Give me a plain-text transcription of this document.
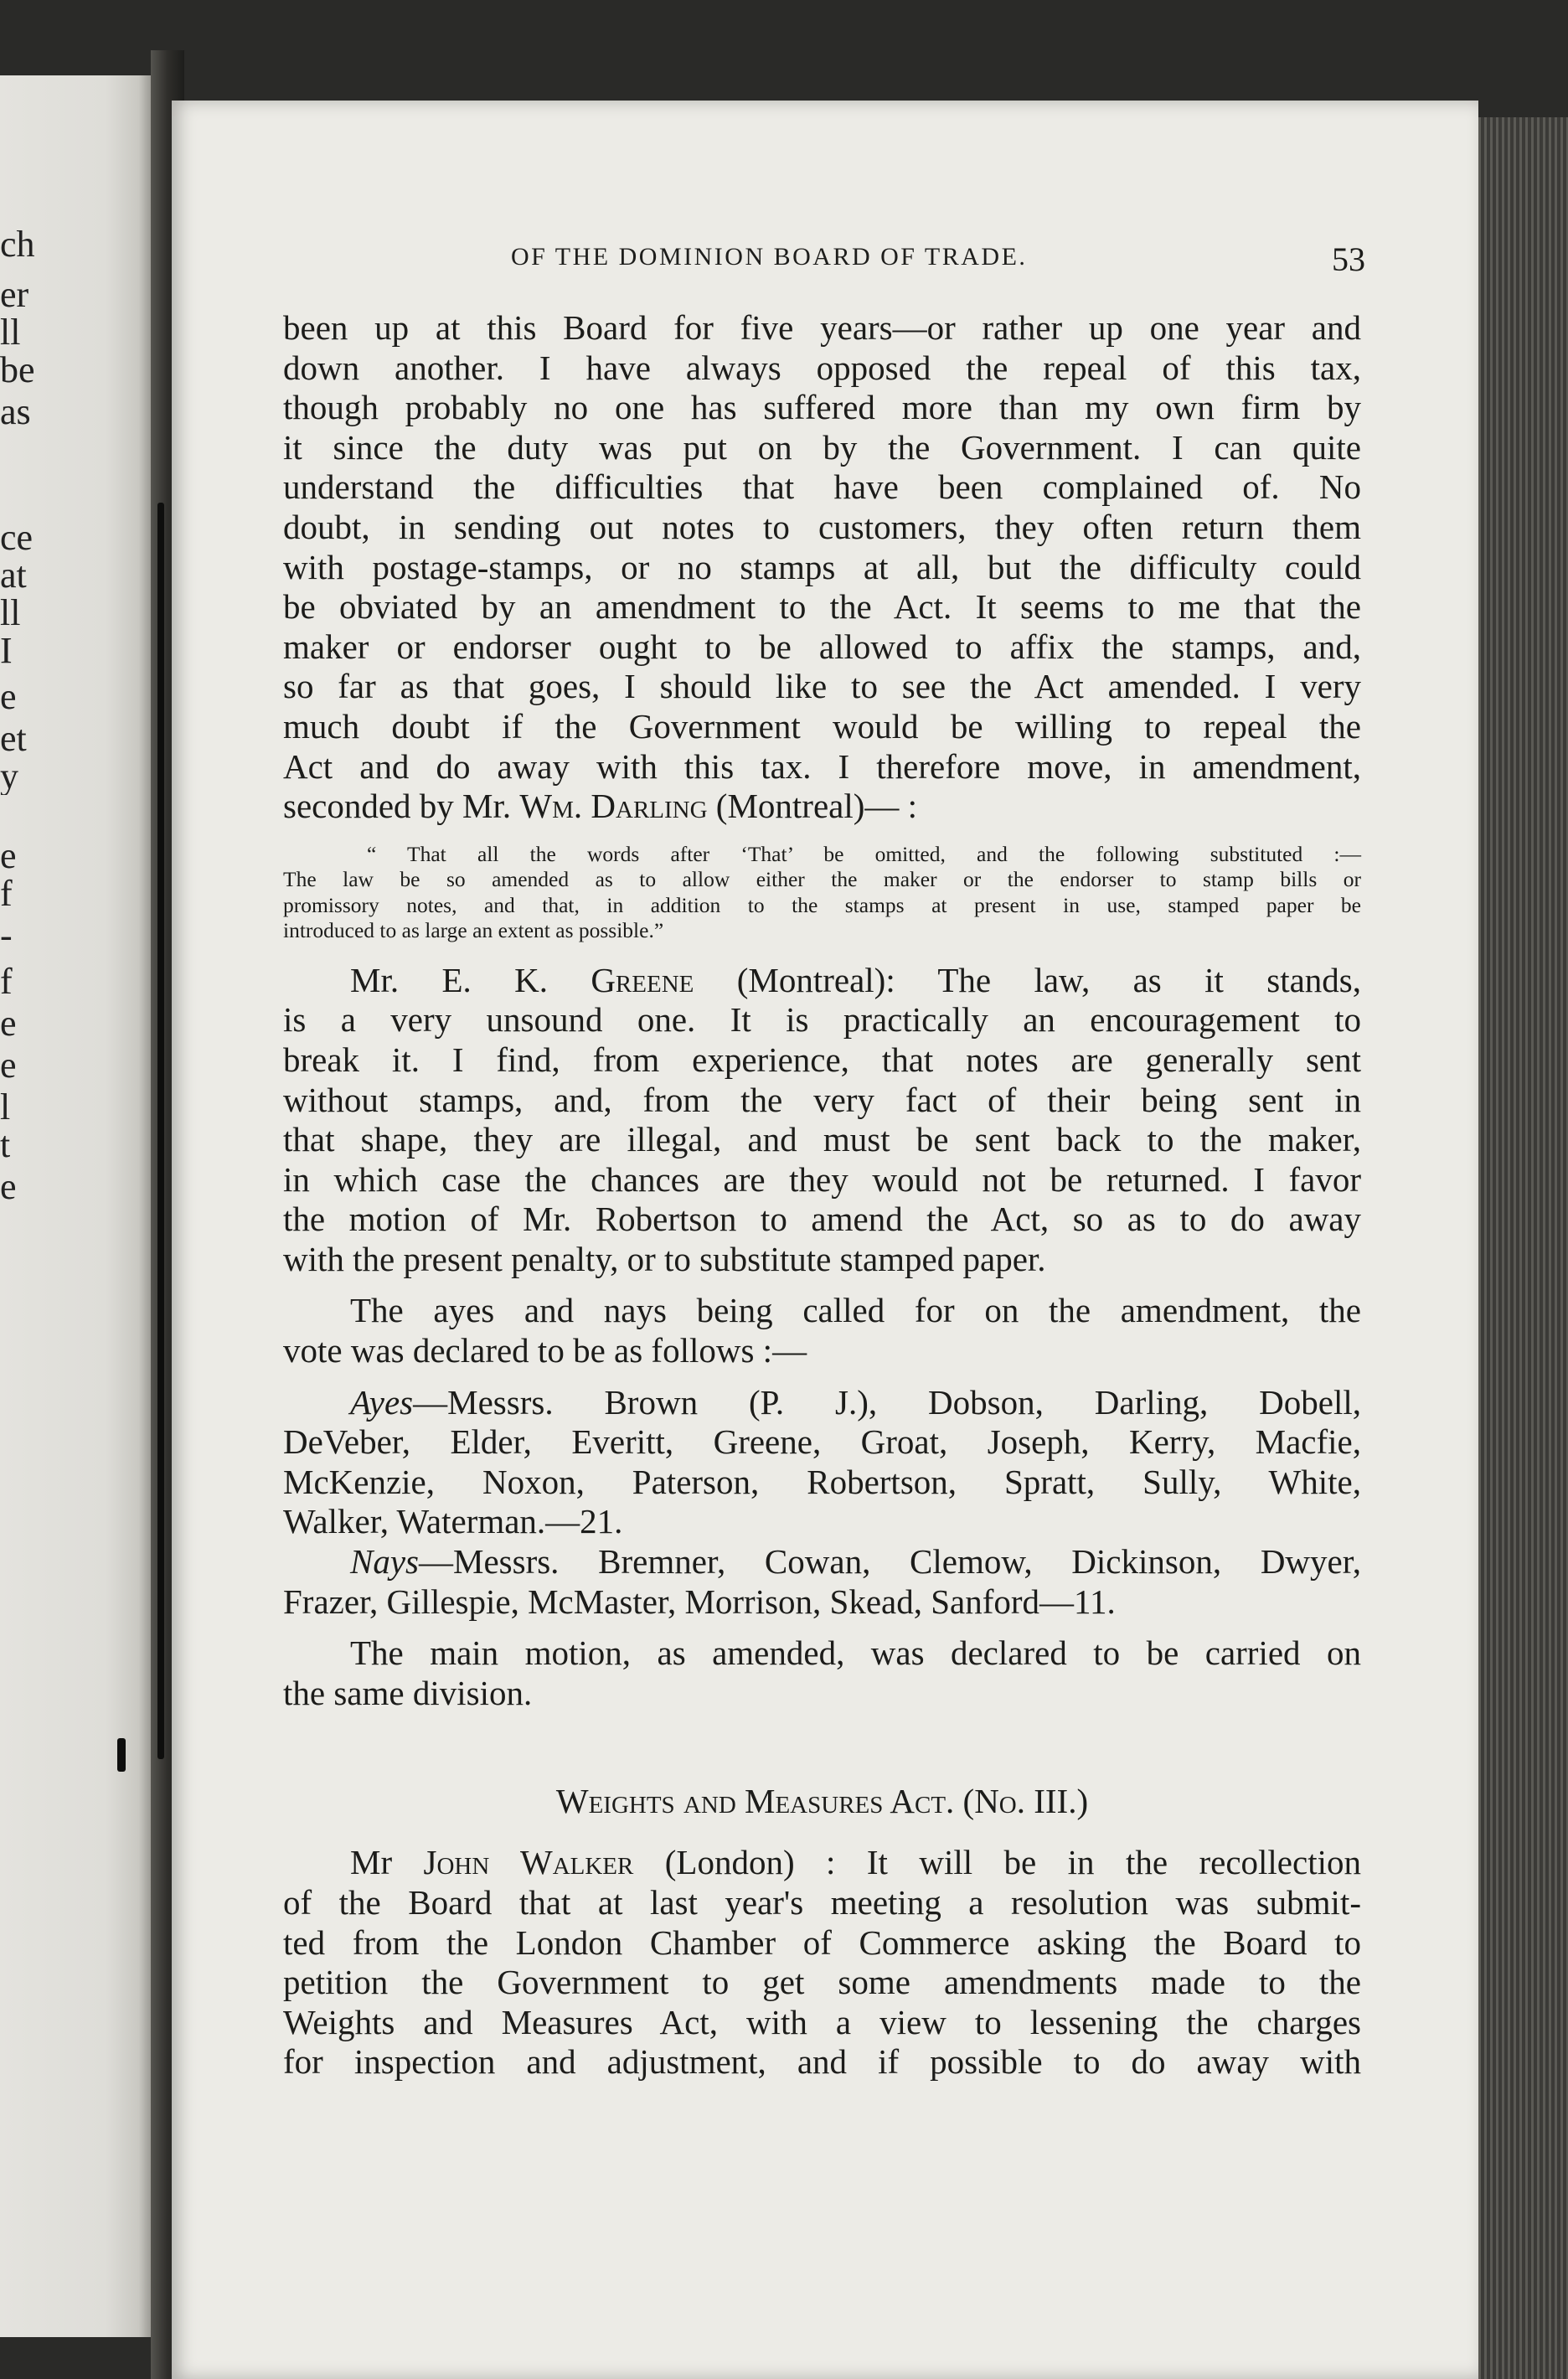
ch
er
ll
be
as
ce
at
ll
I
e
et
y
e
f
-
f
e
e
l
t
e
OF THE DOMINION BOARD OF TRADE.	53
been up at this Board for five years—or rather up one year and
down another. I have always opposed the repeal of this tax,
though probably no one has suffered more than my own firm by
it since the duty was put on by the Government. I can quite
understand the difficulties that have been complained of. No
doubt, in sending out notes to customers, they often return them
with postage-stamps, or no stamps at all, but the difficulty could
be obviated by an amendment to the Act. It seems to me that the
maker or endorser ought to be allowed to affix the stamps, and,
so far as that goes, I should like to see the Act amended. I very
much doubt if the Government would be willing to repeal the
Act and do away with this tax. I therefore move, in amendment,
seconded by Mr. Wm. Darling (Montreal)— :
“ That all the words after ‘That’ be omitted, and the following substituted :—
The law be so amended as to allow either the maker or the endorser to stamp bills or
promissory notes, and that, in addition to the stamps at present in use, stamped paper be
introduced to as large an extent as possible.”
Mr. E. K. Greene (Montreal): The law, as it stands,
is a very unsound one. It is practically an encouragement to
break it. I find, from experience, that notes are generally sent
without stamps, and, from the very fact of their being sent in
that shape, they are illegal, and must be sent back to the maker,
in which case the chances are they would not be returned. I favor
the motion of Mr. Robertson to amend the Act, so as to do away
with the present penalty, or to substitute stamped paper.
The ayes and nays being called for on the amendment, the
vote was declared to be as follows :—
Ayes—Messrs. Brown (P. J.), Dobson, Darling, Dobell,
DeVeber, Elder, Everitt, Greene, Groat, Joseph, Kerry, Macfie,
McKenzie, Noxon, Paterson, Robertson, Spratt, Sully, White,
Walker, Waterman.—21.
Nays—Messrs. Bremner, Cowan, Clemow, Dickinson, Dwyer,
Frazer, Gillespie, McMaster, Morrison, Skead, Sanford—11.
The main motion, as amended, was declared to be carried on
the same division.
Weights and Measures Act. (No. III.)
Mr John Walker (London) : It will be in the recollection
of the Board that at last year's meeting a resolution was submit-
ted from the London Chamber of Commerce asking the Board to
petition the Government to get some amendments made to the
Weights and Measures Act, with a view to lessening the charges
for inspection and adjustment, and if possible to do away with
